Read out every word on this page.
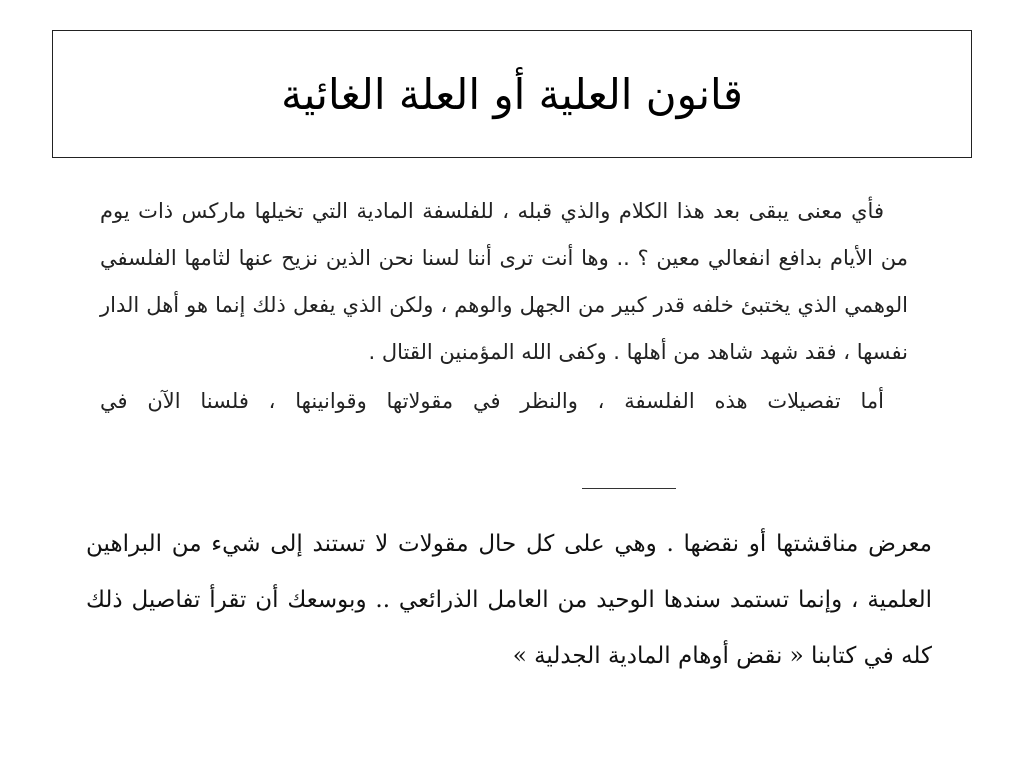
قانون العلية أو العلة الغائية

فأي معنى يبقى بعد هذا الكلام والذي قبله ، للفلسفة المادية التي تخيلها ماركس ذات يوم من الأيام بدافع انفعالي معين ؟ .. وها أنت ترى أننا لسنا نحن الذين نزيح عنها لثامها الفلسفي الوهمي الذي يختبئ خلفه قدر كبير من الجهل والوهم ، ولكن الذي يفعل ذلك إنما هو أهل الدار نفسها ، فقد شهد شاهد من أهلها . وكفى الله المؤمنين القتال .

أما تفصيلات هذه الفلسفة ، والنظر في مقولاتها وقوانينها ، فلسنا الآن في

معرض مناقشتها أو نقضها . وهي على كل حال مقولات لا تستند إلى شيء من البراهين العلمية ، وإنما تستمد سندها الوحيد من العامل الذرائعي .. وبوسعك أن تقرأ تفاصيل ذلك كله في كتابنا « نقض أوهام المادية الجدلية »
